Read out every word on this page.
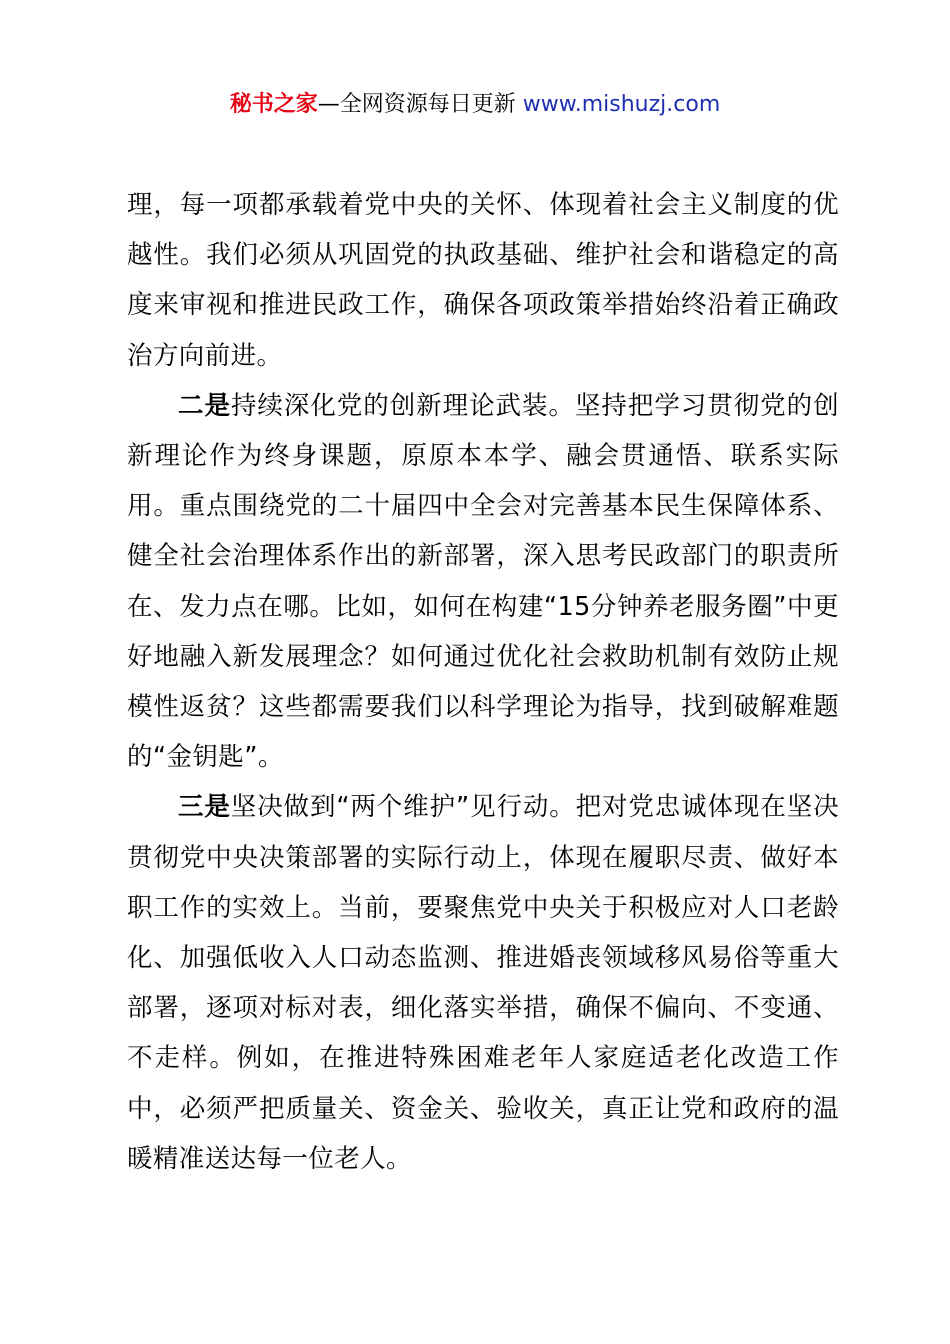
秘书之家—全网资源每日更新 www.mishuzj.com

理，每一项都承载着党中央的关怀、体现着社会主义制度的优越性。我们必须从巩固党的执政基础、维护社会和谐稳定的高度来审视和推进民政工作，确保各项政策举措始终沿着正确政治方向前进。

二是持续深化党的创新理论武装。坚持把学习贯彻党的创新理论作为终身课题，原原本本学、融会贯通悟、联系实际用。重点围绕党的二十届四中全会对完善基本民生保障体系、健全社会治理体系作出的新部署，深入思考民政部门的职责所在、发力点在哪。比如，如何在构建“15分钟养老服务圈”中更好地融入新发展理念？如何通过优化社会救助机制有效防止规模性返贫？这些都需要我们以科学理论为指导，找到破解难题的“金钥匙”。

三是坚决做到“两个维护”见行动。把对党忠诚体现在坚决贯彻党中央决策部署的实际行动上，体现在履职尽责、做好本职工作的实效上。当前，要聚焦党中央关于积极应对人口老龄化、加强低收入人口动态监测、推进婚丧领域移风易俗等重大部署，逐项对标对表，细化落实举措，确保不偏向、不变通、不走样。例如，在推进特殊困难老年人家庭适老化改造工作中，必须严把质量关、资金关、验收关，真正让党和政府的温暖精准送达每一位老人。
